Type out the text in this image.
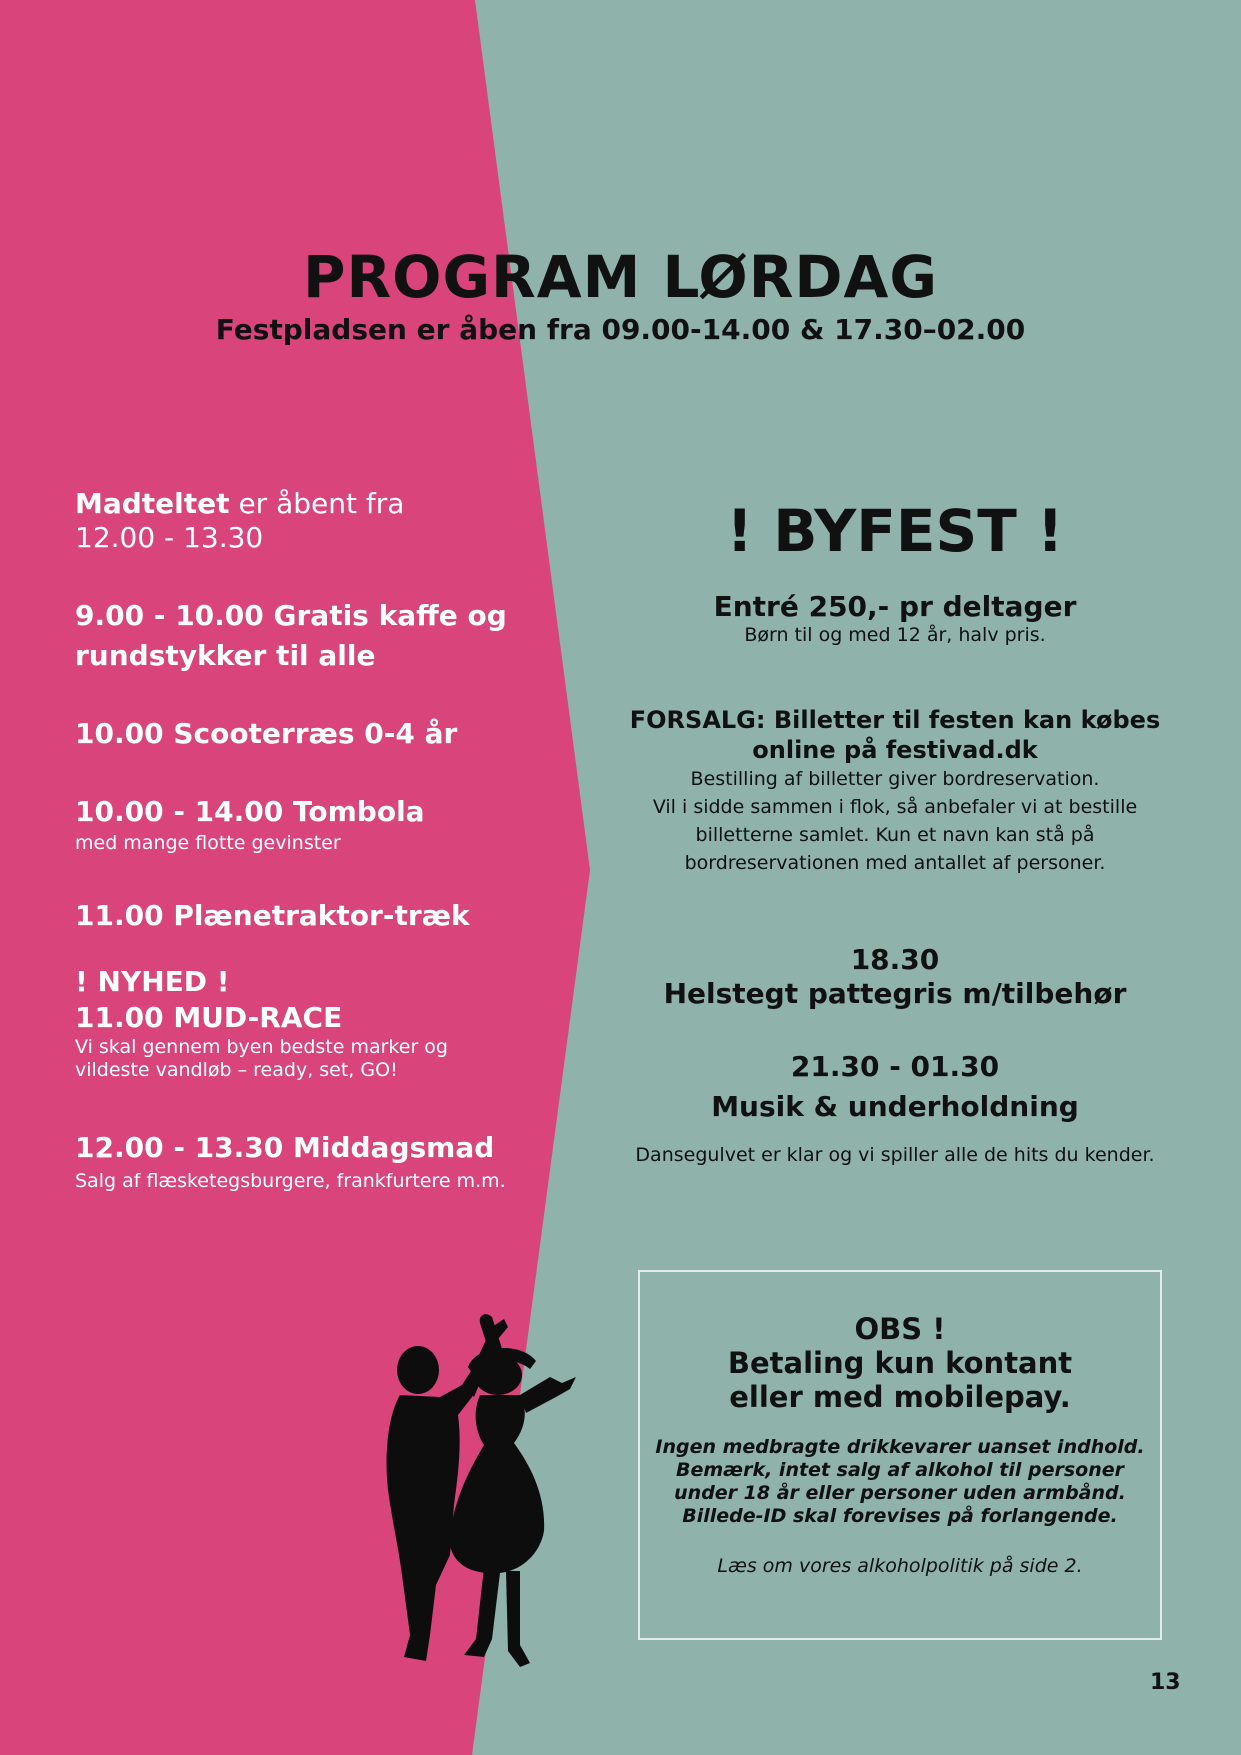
PROGRAM LØRDAG
Festpladsen er åben fra 09.00-14.00 & 17.30–02.00
Madteltet er åbent fra
12.00 - 13.30
9.00 - 10.00 Gratis kaffe og
rundstykker til alle
10.00 Scooterræs 0-4 år
10.00 - 14.00 Tombola
med mange flotte gevinster
11.00 Plænetraktor-træk
! NYHED !
11.00 MUD-RACE
Vi skal gennem byen bedste marker og
vildeste vandløb – ready, set, GO!
12.00 - 13.30 Middagsmad
Salg af flæsketegsburgere, frankfurtere m.m.
! BYFEST !
Entré 250,- pr deltager
Børn til og med 12 år, halv pris.
FORSALG: Billetter til festen kan købes
online på festivad.dk
Bestilling af billetter giver bordreservation.
Vil i sidde sammen i flok, så anbefaler vi at bestille
billetterne samlet. Kun et navn kan stå på
bordreservationen med antallet af personer.
18.30
Helstegt pattegris m/tilbehør
21.30 - 01.30
Musik & underholdning
Dansegulvet er klar og vi spiller alle de hits du kender.
OBS !
Betaling kun kontant
eller med mobilepay.
Ingen medbragte drikkevarer uanset indhold.
Bemærk, intet salg af alkohol til personer
under 18 år eller personer uden armbånd.
Billede-ID skal forevises på forlangende.
Læs om vores alkoholpolitik på side 2.
13
